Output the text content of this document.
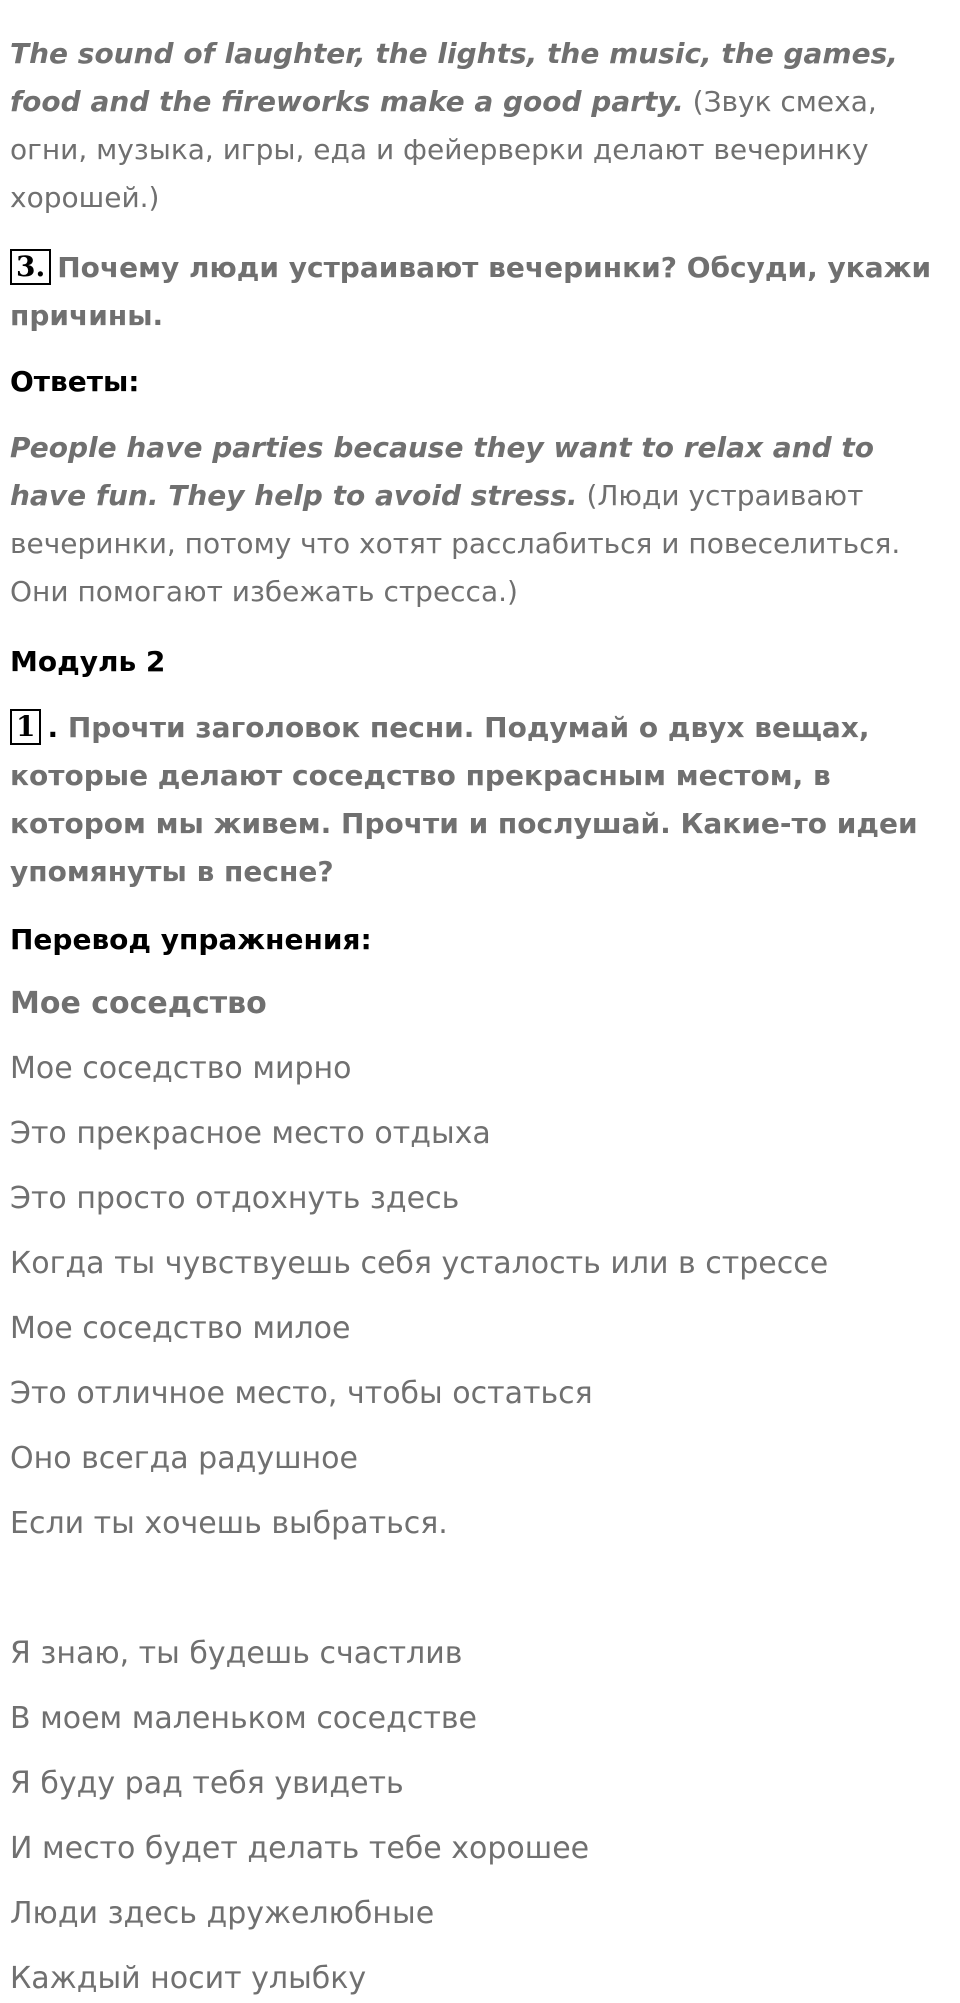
The sound of laughter, the lights, the music, the games, food and the fireworks make a good party. (Звук смеха, огни, музыка, игры, еда и фейерверки делают вечеринку хорошей.)
3. Почему люди устраивают вечеринки? Обсуди, укажи причины.
Ответы:
People have parties because they want to relax and to have fun. They help to avoid stress. (Люди устраивают вечеринки, потому что хотят расслабиться и повеселиться. Они помогают избежать стресса.)
Модуль 2
1 . Прочти заголовок песни. Подумай о двух вещах, которые делают соседство прекрасным местом, в котором мы живем. Прочти и послушай. Какие-то идеи упомянуты в песне?
Перевод упражнения:
Мое соседство
Мое соседство мирно
Это прекрасное место отдыха
Это просто отдохнуть здесь
Когда ты чувствуешь себя усталость или в стрессе
Мое соседство милое
Это отличное место, чтобы остаться
Оно всегда радушное
Если ты хочешь выбраться.
Я знаю, ты будешь счастлив
В моем маленьком соседстве
Я буду рад тебя увидеть
И место будет делать тебе хорошее
Люди здесь дружелюбные
Каждый носит улыбку
